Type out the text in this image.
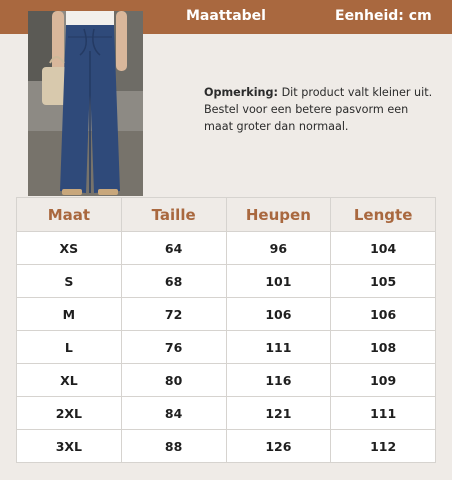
Maattabel	Eenheid: cm
Opmerking: Dit product valt kleiner uit. Bestel voor een betere pasvorm een maat groter dan normaal.
Maat	Taille	Heupen	Lengte
XS	64	96	104
S	68	101	105
M	72	106	106
L	76	111	108
XL	80	116	109
2XL	84	121	111
3XL	88	126	112
